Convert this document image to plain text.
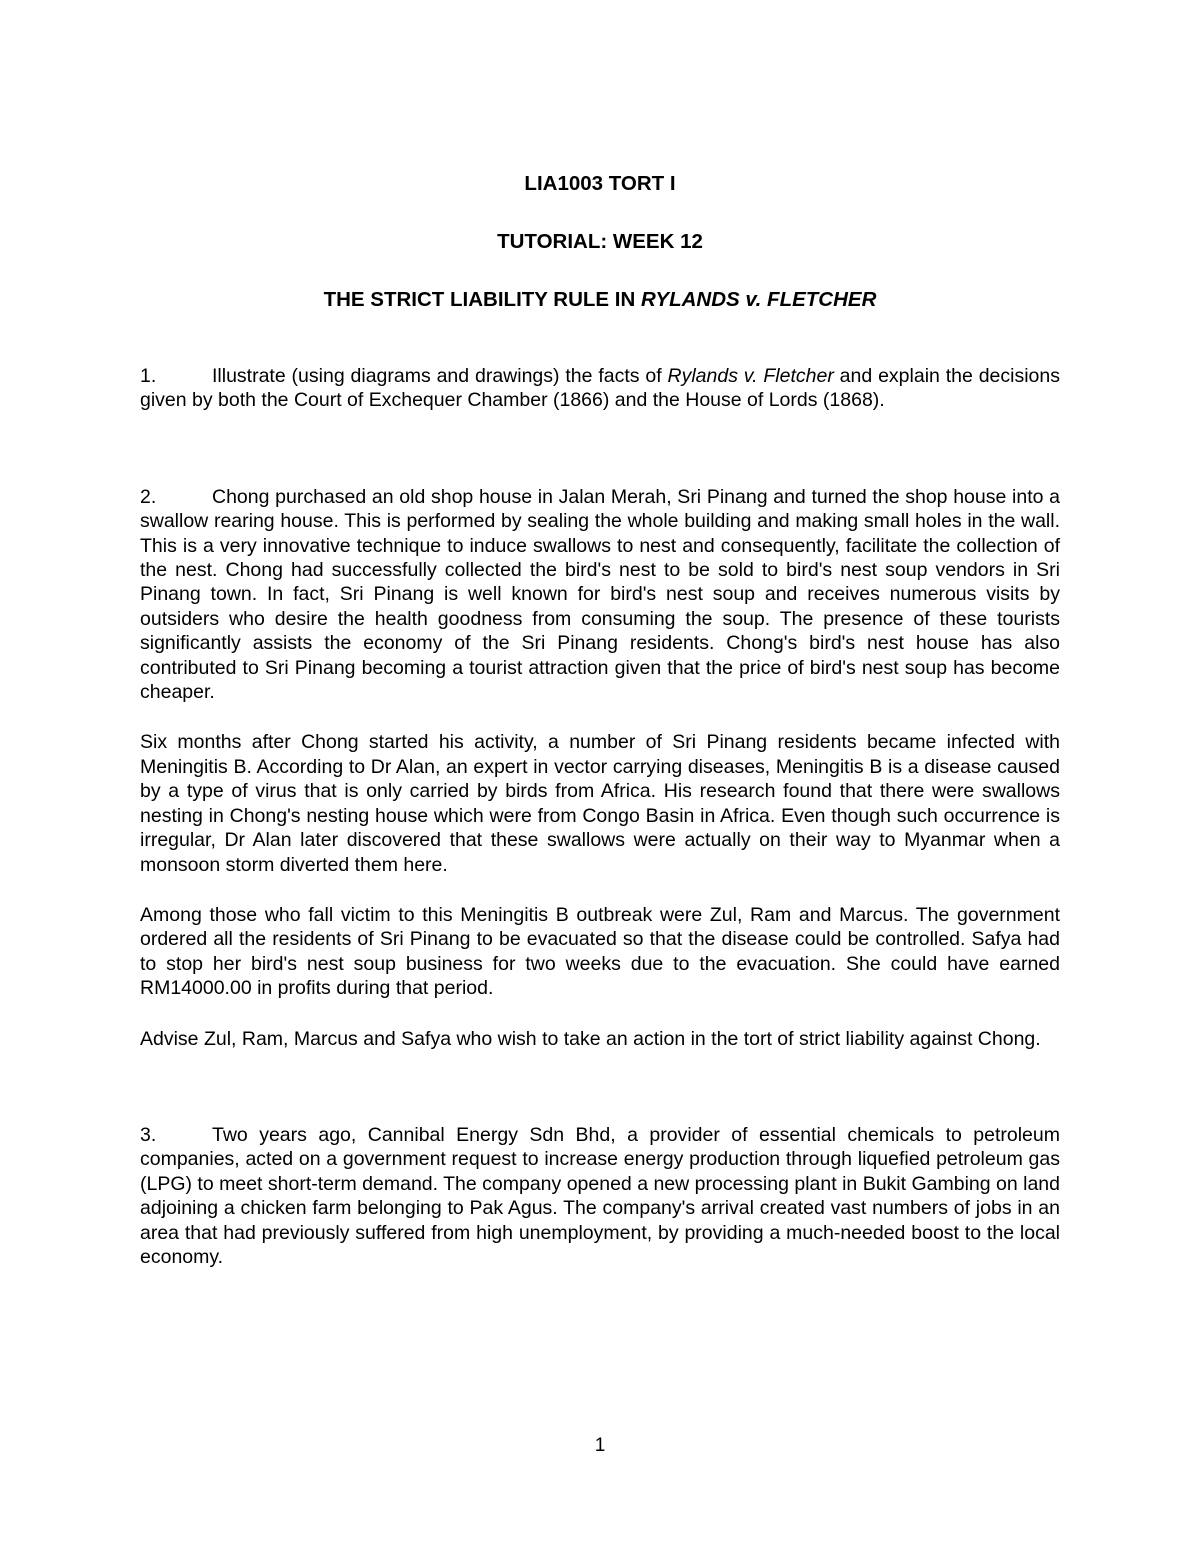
LIA1003 TORT I
TUTORIAL: WEEK 12
THE STRICT LIABILITY RULE IN RYLANDS v. FLETCHER

1.	Illustrate (using diagrams and drawings) the facts of Rylands v. Fletcher and explain the decisions given by both the Court of Exchequer Chamber (1866) and the House of Lords (1868).

2.	Chong purchased an old shop house in Jalan Merah, Sri Pinang and turned the shop house into a swallow rearing house. This is performed by sealing the whole building and making small holes in the wall. This is a very innovative technique to induce swallows to nest and consequently, facilitate the collection of the nest. Chong had successfully collected the bird's nest to be sold to bird's nest soup vendors in Sri Pinang town. In fact, Sri Pinang is well known for bird's nest soup and receives numerous visits by outsiders who desire the health goodness from consuming the soup. The presence of these tourists significantly assists the economy of the Sri Pinang residents. Chong's bird's nest house has also contributed to Sri Pinang becoming a tourist attraction given that the price of bird's nest soup has become cheaper.

Six months after Chong started his activity, a number of Sri Pinang residents became infected with Meningitis B. According to Dr Alan, an expert in vector carrying diseases, Meningitis B is a disease caused by a type of virus that is only carried by birds from Africa. His research found that there were swallows nesting in Chong's nesting house which were from Congo Basin in Africa. Even though such occurrence is irregular, Dr Alan later discovered that these swallows were actually on their way to Myanmar when a monsoon storm diverted them here.

Among those who fall victim to this Meningitis B outbreak were Zul, Ram and Marcus. The government ordered all the residents of Sri Pinang to be evacuated so that the disease could be controlled. Safya had to stop her bird's nest soup business for two weeks due to the evacuation. She could have earned RM14000.00 in profits during that period.

Advise Zul, Ram, Marcus and Safya who wish to take an action in the tort of strict liability against Chong.

3.	Two years ago, Cannibal Energy Sdn Bhd, a provider of essential chemicals to petroleum companies, acted on a government request to increase energy production through liquefied petroleum gas (LPG) to meet short-term demand. The company opened a new processing plant in Bukit Gambing on land adjoining a chicken farm belonging to Pak Agus. The company's arrival created vast numbers of jobs in an area that had previously suffered from high unemployment, by providing a much-needed boost to the local economy.

1
